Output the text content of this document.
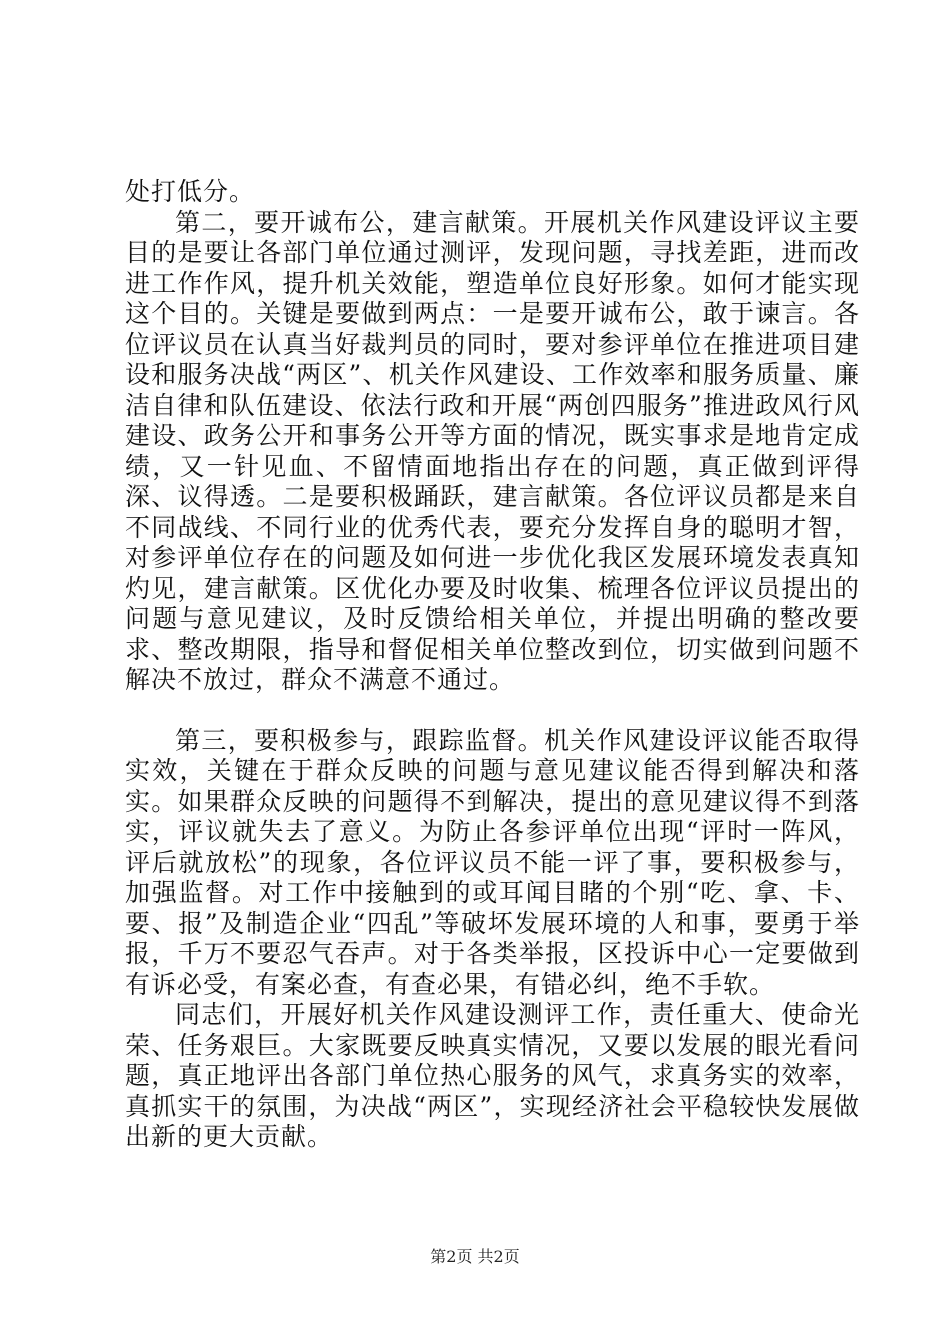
处打低分。

第二，要开诚布公，建言献策。开展机关作风建设评议主要目的是要让各部门单位通过测评，发现问题，寻找差距，进而改进工作作风，提升机关效能，塑造单位良好形象。如何才能实现这个目的。关键是要做到两点：一是要开诚布公，敢于谏言。各位评议员在认真当好裁判员的同时，要对参评单位在推进项目建设和服务决战“两区”、机关作风建设、工作效率和服务质量、廉洁自律和队伍建设、依法行政和开展“两创四服务”推进政风行风建设、政务公开和事务公开等方面的情况，既实事求是地肯定成绩，又一针见血、不留情面地指出存在的问题，真正做到评得深、议得透。二是要积极踊跃，建言献策。各位评议员都是来自不同战线、不同行业的优秀代表，要充分发挥自身的聪明才智，对参评单位存在的问题及如何进一步优化我区发展环境发表真知灼见，建言献策。区优化办要及时收集、梳理各位评议员提出的问题与意见建议，及时反馈给相关单位，并提出明确的整改要求、整改期限，指导和督促相关单位整改到位，切实做到问题不解决不放过，群众不满意不通过。

第三，要积极参与，跟踪监督。机关作风建设评议能否取得实效，关键在于群众反映的问题与意见建议能否得到解决和落实。如果群众反映的问题得不到解决，提出的意见建议得不到落实，评议就失去了意义。为防止各参评单位出现“评时一阵风，评后就放松”的现象，各位评议员不能一评了事，要积极参与，加强监督。对工作中接触到的或耳闻目睹的个别“吃、拿、卡、要、报”及制造企业“四乱”等破坏发展环境的人和事，要勇于举报，千万不要忍气吞声。对于各类举报，区投诉中心一定要做到有诉必受，有案必查，有查必果，有错必纠，绝不手软。

同志们，开展好机关作风建设测评工作，责任重大、使命光荣、任务艰巨。大家既要反映真实情况，又要以发展的眼光看问题，真正地评出各部门单位热心服务的风气，求真务实的效率，真抓实干的氛围，为决战“两区”，实现经济社会平稳较快发展做出新的更大贡献。

第2页 共2页
